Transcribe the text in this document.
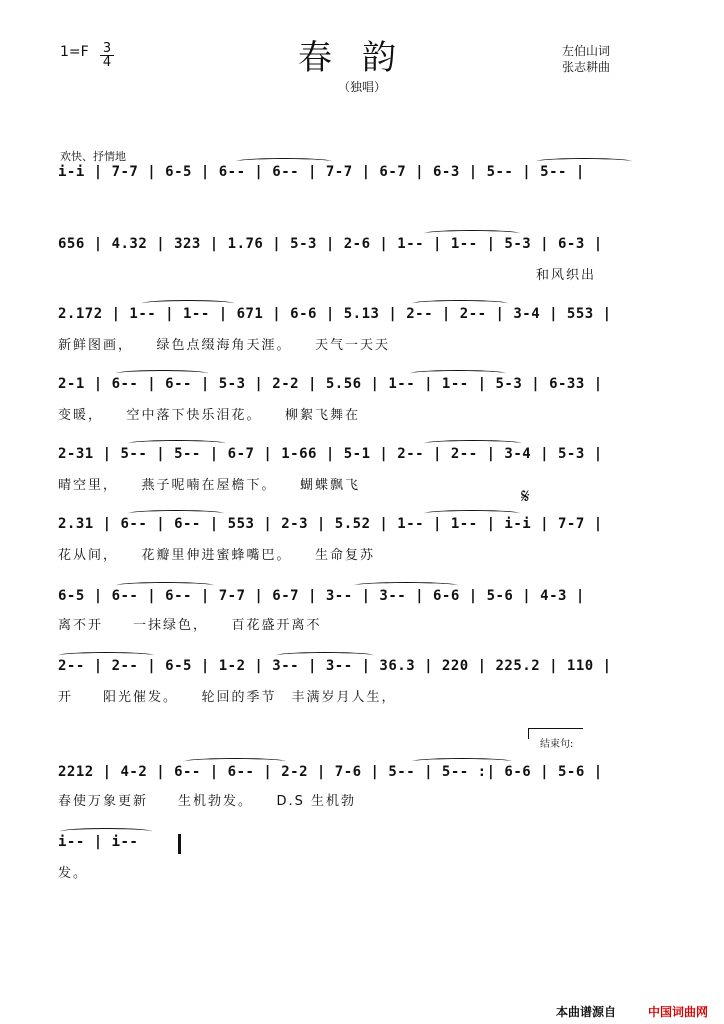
春韵
（独唱）
$1=F \frac{3}{4}$	左伯山词
张志耕曲
欢快、抒情地
i-i | 7-7 | 6-5 | 6-- | 6-- | 7-7 | 6-7 | 6-3 | 5-- | 5-- |
656 | 4.32 | 323 | 1.76 | 5-3 | 2-6 | 1-- | 1-- | 5-3 | 6-3 |
和风织出
2.172 | 1-- | 1-- | 671 | 6-6 | 5.13 | 2-- | 2-- | 3-4 | 553 |
新鲜图画，　　绿色点缀海角天涯。　　天气一天天
2-1 | 6-- | 6-- | 5-3 | 2-2 | 5.56 | 1-- | 1-- | 5-3 | 6-33 |
变暖，　　空中落下快乐泪花。　　柳絮飞舞在
2-31 | 5-- | 5-- | 6-7 | 1-66 | 5-1 | 2-- | 2-- | 3-4 | 5-3 |
晴空里，　　燕子呢喃在屋檐下。　　蝴蝶飘飞
2.31 | 6-- | 6-- | 553 | 2-3 | 5.52 | 1-- | 1-- | i-i | 7-7 |
花从间，　　花瓣里伸进蜜蜂嘴巴。　　生命复苏
6-5 | 6-- | 6-- | 7-7 | 6-7 | 3-- | 3-- | 6-6 | 5-6 | 4-3 |
离不开　　一抹绿色，　　百花盛开离不
2-- | 2-- | 6-5 | 1-2 | 3-- | 3-- | 36.3 | 220 | 225.2 | 110 |
开　　阳光催发。　　轮回的季节　丰满岁月人生，
2212 | 4-2 | 6-- | 6-- | 2-2 | 7-6 | 5-- | 5-- :| 6-6 | 5-6 |
春使万象更新　　生机勃发。　　D.S 生机勃
i-- | i--
发。
𝄋
结束句:
本曲谱源自	中国词曲网
